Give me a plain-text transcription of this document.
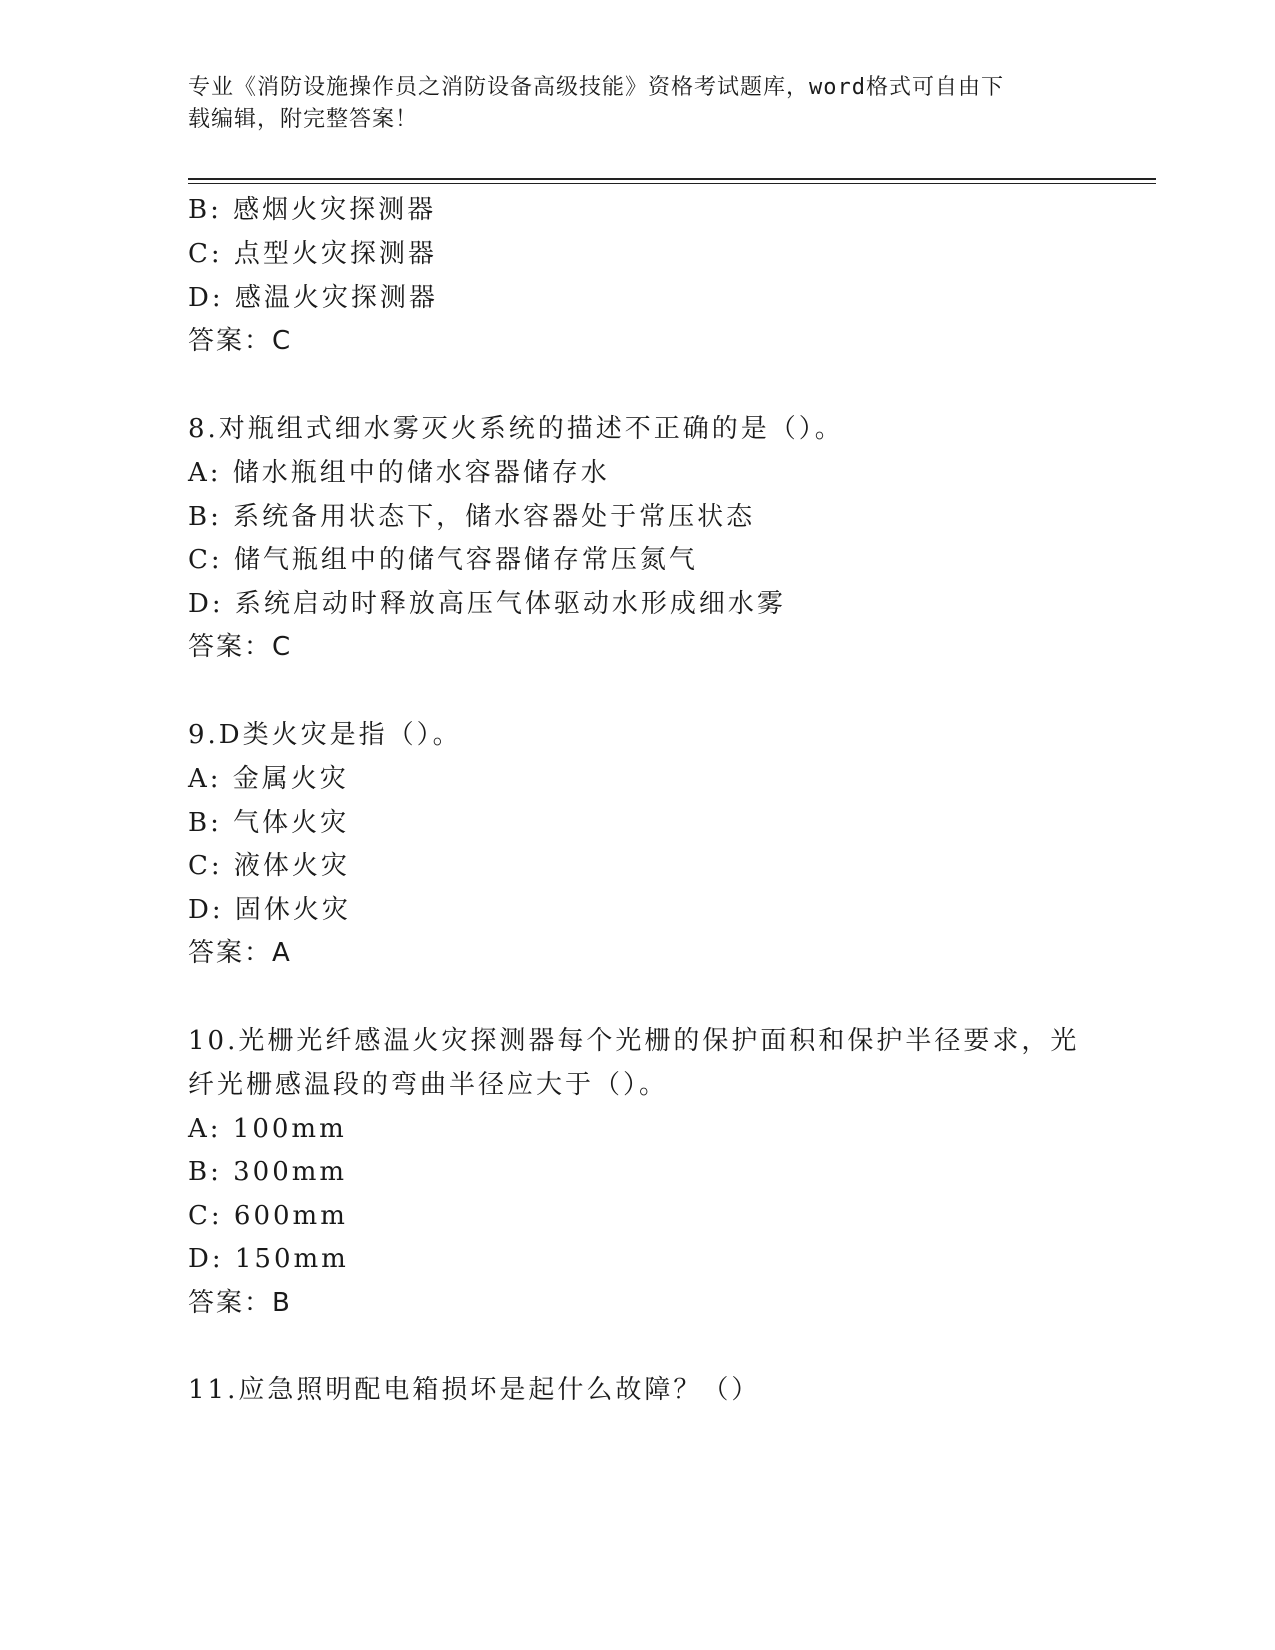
专业《消防设施操作员之消防设备高级技能》资格考试题库，word格式可自由下
载编辑，附完整答案！
B: 感烟火灾探测器
C: 点型火灾探测器
D: 感温火灾探测器
答案：C
8.对瓶组式细水雾灭火系统的描述不正确的是（）。
A: 储水瓶组中的储水容器储存水
B: 系统备用状态下，储水容器处于常压状态
C: 储气瓶组中的储气容器储存常压氮气
D: 系统启动时释放高压气体驱动水形成细水雾
答案：C
9.D类火灾是指（）。
A: 金属火灾
B: 气体火灾
C: 液体火灾
D: 固休火灾
答案：A
10.光栅光纤感温火灾探测器每个光栅的保护面积和保护半径要求，光
纤光栅感温段的弯曲半径应大于（）。
A: 100mm
B: 300mm
C: 600mm
D: 150mm
答案：B
11.应急照明配电箱损坏是起什么故障？（）
